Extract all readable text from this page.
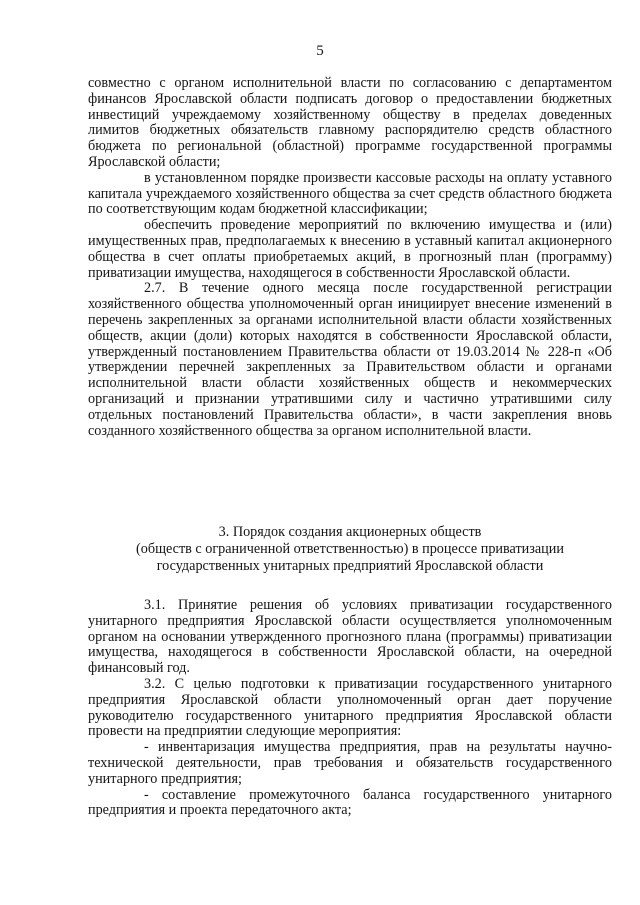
5

совместно с органом исполнительной власти по согласованию с департаментом финансов Ярославской области подписать договор о предоставлении бюджетных инвестиций учреждаемому хозяйственному обществу в пределах доведенных лимитов бюджетных обязательств главному распорядителю средств областного бюджета по региональной (областной) программе государственной программы Ярославской области;

в установленном порядке произвести кассовые расходы на оплату уставного капитала учреждаемого хозяйственного общества за счет средств областного бюджета по соответствующим кодам бюджетной классификации;

обеспечить проведение мероприятий по включению имущества и (или) имущественных прав, предполагаемых к внесению в уставный капитал акционерного общества в счет оплаты приобретаемых акций, в прогнозный план (программу) приватизации имущества, находящегося в собственности Ярославской области.

2.7. В течение одного месяца после государственной регистрации хозяйственного общества уполномоченный орган инициирует внесение изменений в перечень закрепленных за органами исполнительной власти области хозяйственных обществ, акции (доли) которых находятся в собственности Ярославской области, утвержденный постановлением Правительства области от 19.03.2014 № 228-п «Об утверждении перечней закрепленных за Правительством области и органами исполнительной власти области хозяйственных обществ и некоммерческих организаций и признании утратившими силу и частично утратившими силу отдельных постановлений Правительства области», в части закрепления вновь созданного хозяйственного общества за органом исполнительной власти.

3. Порядок создания акционерных обществ
(обществ с ограниченной ответственностью) в процессе приватизации
государственных унитарных предприятий Ярославской области

3.1. Принятие решения об условиях приватизации государственного унитарного предприятия Ярославской области осуществляется уполномоченным органом на основании утвержденного прогнозного плана (программы) приватизации имущества, находящегося в собственности Ярославской области, на очередной финансовый год.

3.2. С целью подготовки к приватизации государственного унитарного предприятия Ярославской области уполномоченный орган дает поручение руководителю государственного унитарного предприятия Ярославской области провести на предприятии следующие мероприятия:

- инвентаризация имущества предприятия, прав на результаты научно-технической деятельности, прав требования и обязательств государственного унитарного предприятия;

- составление промежуточного баланса государственного унитарного предприятия и проекта передаточного акта;
